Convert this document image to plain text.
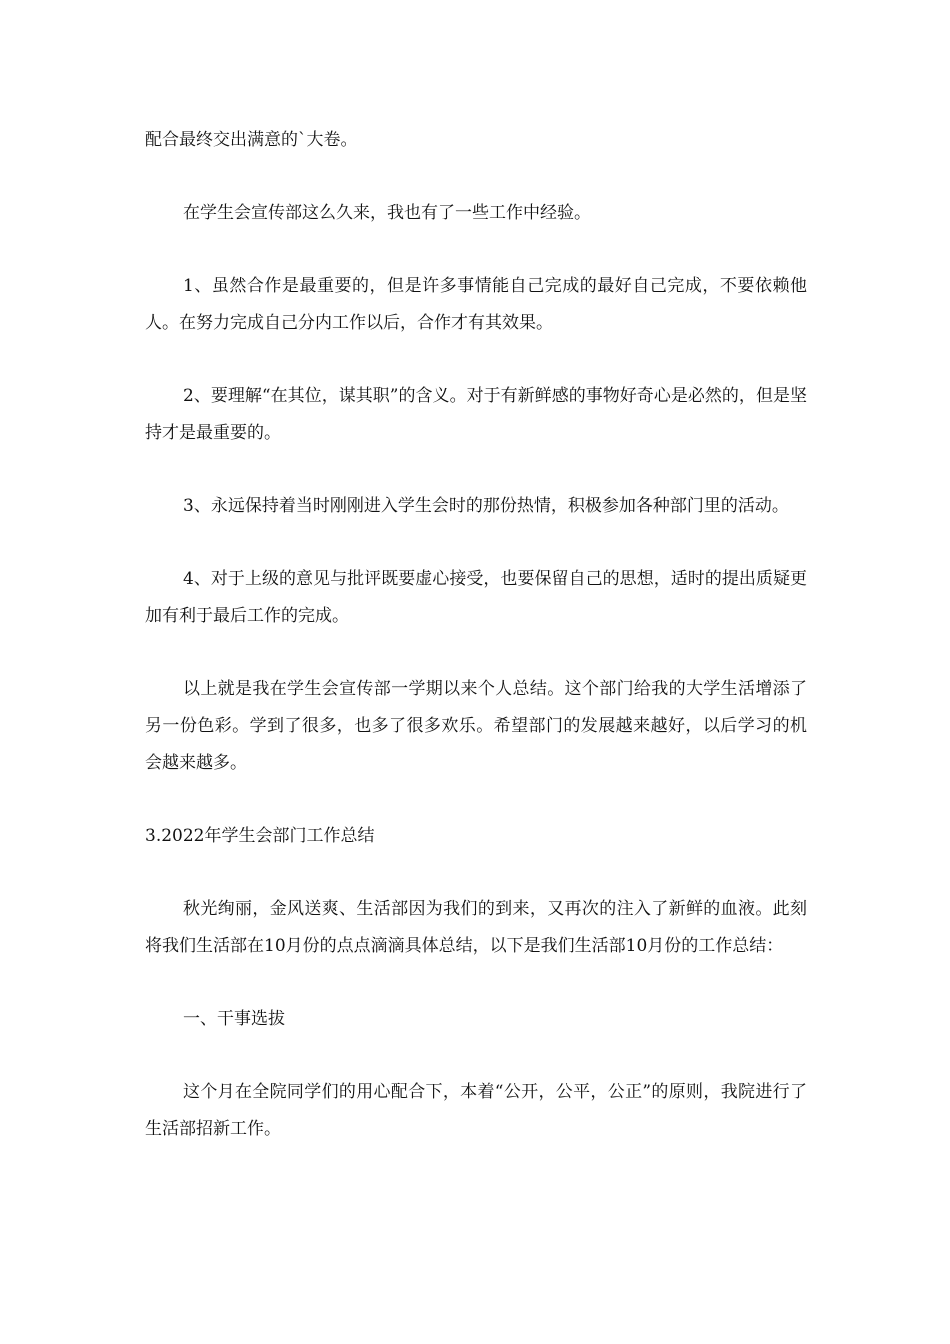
配合最终交出满意的`大卷。

在学生会宣传部这么久来，我也有了一些工作中经验。

1、虽然合作是最重要的，但是许多事情能自己完成的最好自己完成，不要依赖他人。在努力完成自己分内工作以后，合作才有其效果。

2、要理解“在其位，谋其职”的含义。对于有新鲜感的事物好奇心是必然的，但是坚持才是最重要的。

3、永远保持着当时刚刚进入学生会时的那份热情，积极参加各种部门里的活动。

4、对于上级的意见与批评既要虚心接受，也要保留自己的思想，适时的提出质疑更加有利于最后工作的完成。

以上就是我在学生会宣传部一学期以来个人总结。这个部门给我的大学生活增添了另一份色彩。学到了很多，也多了很多欢乐。希望部门的发展越来越好，以后学习的机会越来越多。

3.2022年学生会部门工作总结

秋光绚丽，金风送爽、生活部因为我们的到来，又再次的注入了新鲜的血液。此刻将我们生活部在10月份的点点滴滴具体总结，以下是我们生活部10月份的工作总结：

一、干事选拔

这个月在全院同学们的用心配合下，本着“公开，公平，公正”的原则，我院进行了生活部招新工作。
